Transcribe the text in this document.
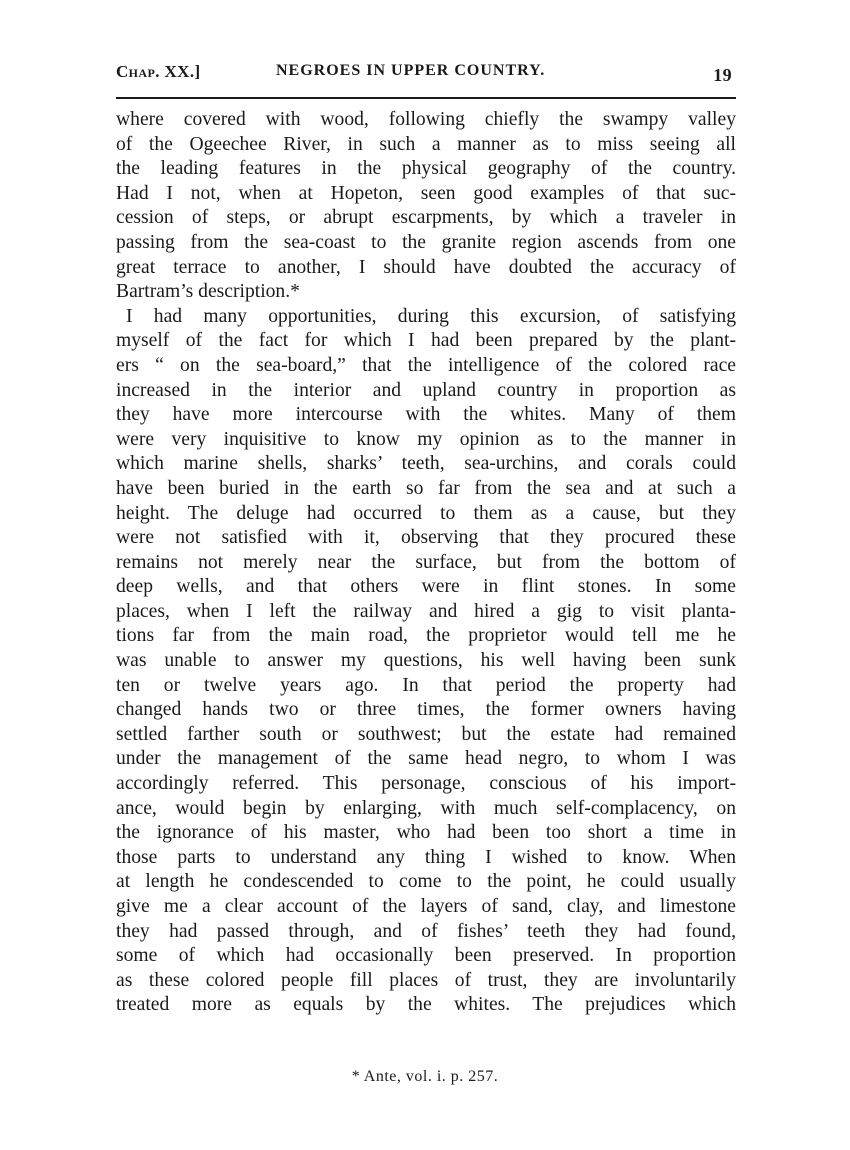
Chap. XX.]	NEGROES IN UPPER COUNTRY.	19
where covered with wood, following chiefly the swampy valley
of the Ogeechee River, in such a manner as to miss seeing all
the leading features in the physical geography of the country.
Had I not, when at Hopeton, seen good examples of that suc-
cession of steps, or abrupt escarpments, by which a traveler in
passing from the sea-coast to the granite region ascends from one
great terrace to another, I should have doubted the accuracy of
Bartram’s description.*
I had many opportunities, during this excursion, of satisfying
myself of the fact for which I had been prepared by the plant-
ers “ on the sea-board,” that the intelligence of the colored race
increased in the interior and upland country in proportion as
they have more intercourse with the whites. Many of them
were very inquisitive to know my opinion as to the manner in
which marine shells, sharks’ teeth, sea-urchins, and corals could
have been buried in the earth so far from the sea and at such a
height. The deluge had occurred to them as a cause, but they
were not satisfied with it, observing that they procured these
remains not merely near the surface, but from the bottom of
deep wells, and that others were in flint stones. In some
places, when I left the railway and hired a gig to visit planta-
tions far from the main road, the proprietor would tell me he
was unable to answer my questions, his well having been sunk
ten or twelve years ago. In that period the property had
changed hands two or three times, the former owners having
settled farther south or southwest; but the estate had remained
under the management of the same head negro, to whom I was
accordingly referred. This personage, conscious of his import-
ance, would begin by enlarging, with much self-complacency, on
the ignorance of his master, who had been too short a time in
those parts to understand any thing I wished to know. When
at length he condescended to come to the point, he could usually
give me a clear account of the layers of sand, clay, and limestone
they had passed through, and of fishes’ teeth they had found,
some of which had occasionally been preserved. In proportion
as these colored people fill places of trust, they are involuntarily
treated more as equals by the whites. The prejudices which
* Ante, vol. i. p. 257.
